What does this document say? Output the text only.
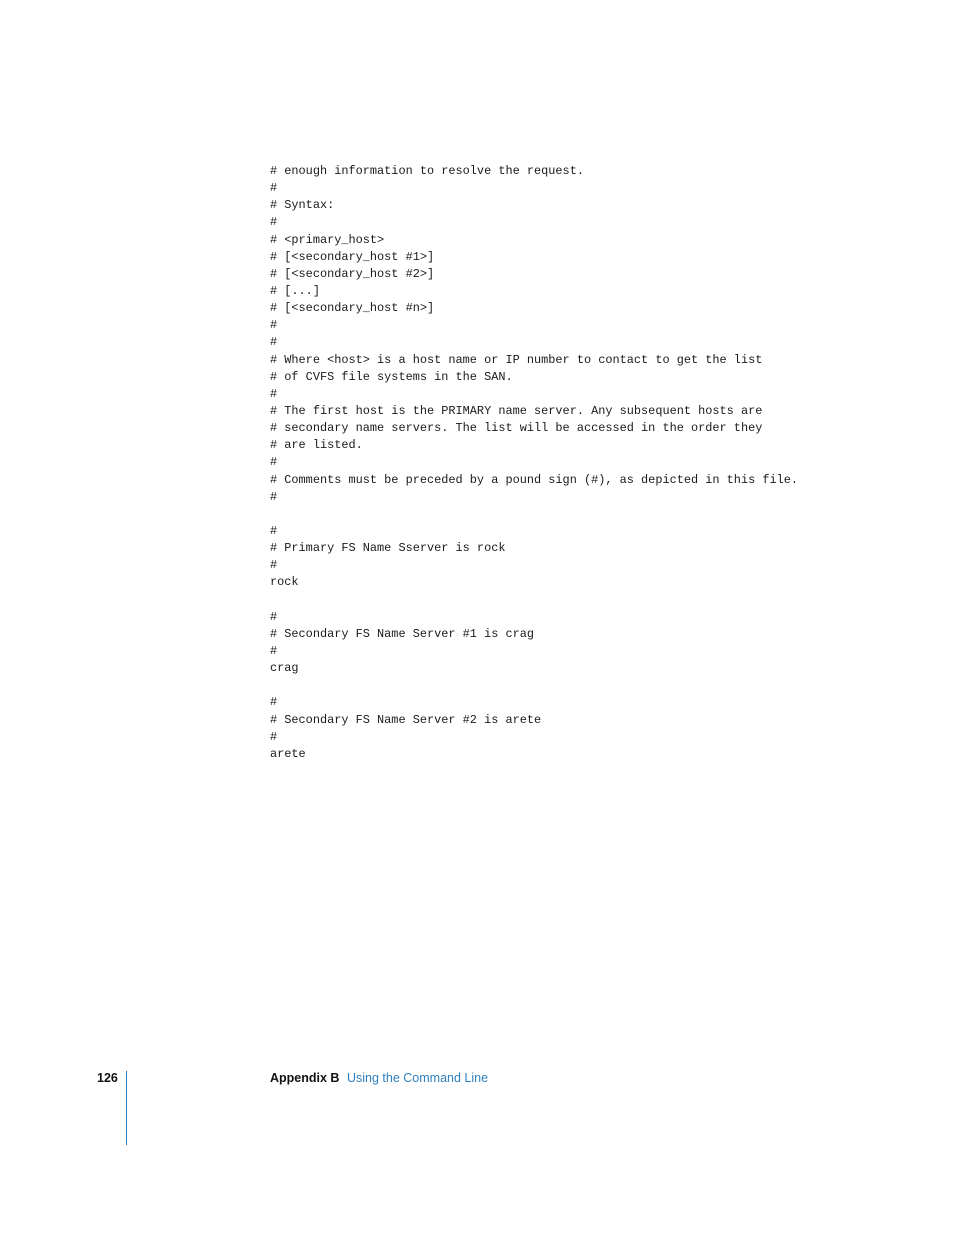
# enough information to resolve the request.
#
# Syntax:
#
# <primary_host>
# [<secondary_host #1>]
# [<secondary_host #2>]
# [...]
# [<secondary_host #n>]
#
#
# Where <host> is a host name or IP number to contact to get the list
# of CVFS file systems in the SAN.
#
# The first host is the PRIMARY name server. Any subsequent hosts are
# secondary name servers. The list will be accessed in the order they
# are listed.
#
# Comments must be preceded by a pound sign (#), as depicted in this file.
#
#
# Primary FS Name Sserver is rock
#
rock
#
# Secondary FS Name Server #1 is crag
#
crag
#
# Secondary FS Name Server #2 is arete
#
arete
126	Appendix B Using the Command Line
